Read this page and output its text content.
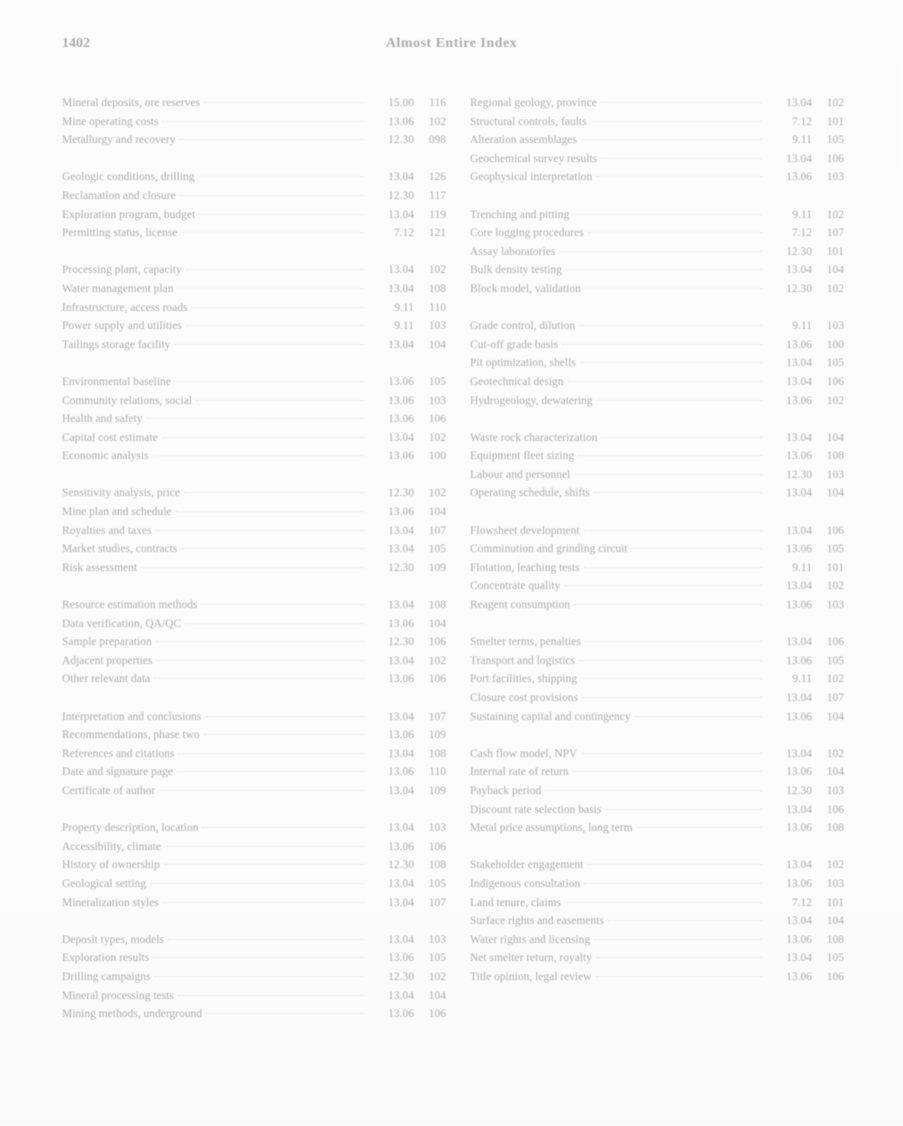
1402	Almost Entire Index
Mineral deposits, ore reserves	15.00	116
Mine operating costs	13.06	102
Metallurgy and recovery	12.30	098
Geologic conditions, drilling	13.04	126
Reclamation and closure	12.30	117
Exploration program, budget	13.04	119
Permitting status, license	7.12	121
Processing plant, capacity	13.04	102
Water management plan	13.04	108
Infrastructure, access roads	9.11	110
Power supply and utilities	9.11	103
Tailings storage facility	13.04	104
Environmental baseline	13.06	105
Community relations, social	13.06	103
Health and safety	13.06	106
Capital cost estimate	13.04	102
Economic analysis	13.06	100
Sensitivity analysis, price	12.30	102
Mine plan and schedule	13.06	104
Royalties and taxes	13.04	107
Market studies, contracts	13.04	105
Risk assessment	12.30	109
Resource estimation methods	13.04	108
Data verification, QA/QC	13.06	104
Sample preparation	12.30	106
Adjacent properties	13.04	102
Other relevant data	13.06	106
Interpretation and conclusions	13.04	107
Recommendations, phase two	13.06	109
References and citations	13.04	108
Date and signature page	13.06	110
Certificate of author	13.04	109
Property description, location	13.04	103
Accessibility, climate	13.06	106
History of ownership	12.30	108
Geological setting	13.04	105
Mineralization styles	13.04	107
Deposit types, models	13.04	103
Exploration results	13.06	105
Drilling campaigns	12.30	102
Mineral processing tests	13.04	104
Mining methods, underground	13.06	106
Regional geology, province	13.04	102
Structural controls, faults	7.12	101
Alteration assemblages	9.11	105
Geochemical survey results	13.04	106
Geophysical interpretation	13.06	103
Trenching and pitting	9.11	102
Core logging procedures	7.12	107
Assay laboratories	12.30	101
Bulk density testing	13.04	104
Block model, validation	12.30	102
Grade control, dilution	9.11	103
Cut-off grade basis	13.06	100
Pit optimization, shells	13.04	105
Geotechnical design	13.04	106
Hydrogeology, dewatering	13.06	102
Waste rock characterization	13.04	104
Equipment fleet sizing	13.06	108
Labour and personnel	12.30	103
Operating schedule, shifts	13.04	104
Flowsheet development	13.04	106
Comminution and grinding circuit	13.06	105
Flotation, leaching tests	9.11	101
Concentrate quality	13.04	102
Reagent consumption	13.06	103
Smelter terms, penalties	13.04	106
Transport and logistics	13.06	105
Port facilities, shipping	9.11	102
Closure cost provisions	13.04	107
Sustaining capital and contingency	13.06	104
Cash flow model, NPV	13.04	102
Internal rate of return	13.06	104
Payback period	12.30	103
Discount rate selection basis	13.04	106
Metal price assumptions, long term	13.06	108
Stakeholder engagement	13.04	102
Indigenous consultation	13.06	103
Land tenure, claims	7.12	101
Surface rights and easements	13.04	104
Water rights and licensing	13.06	108
Net smelter return, royalty	13.04	105
Title opinion, legal review	13.06	106
